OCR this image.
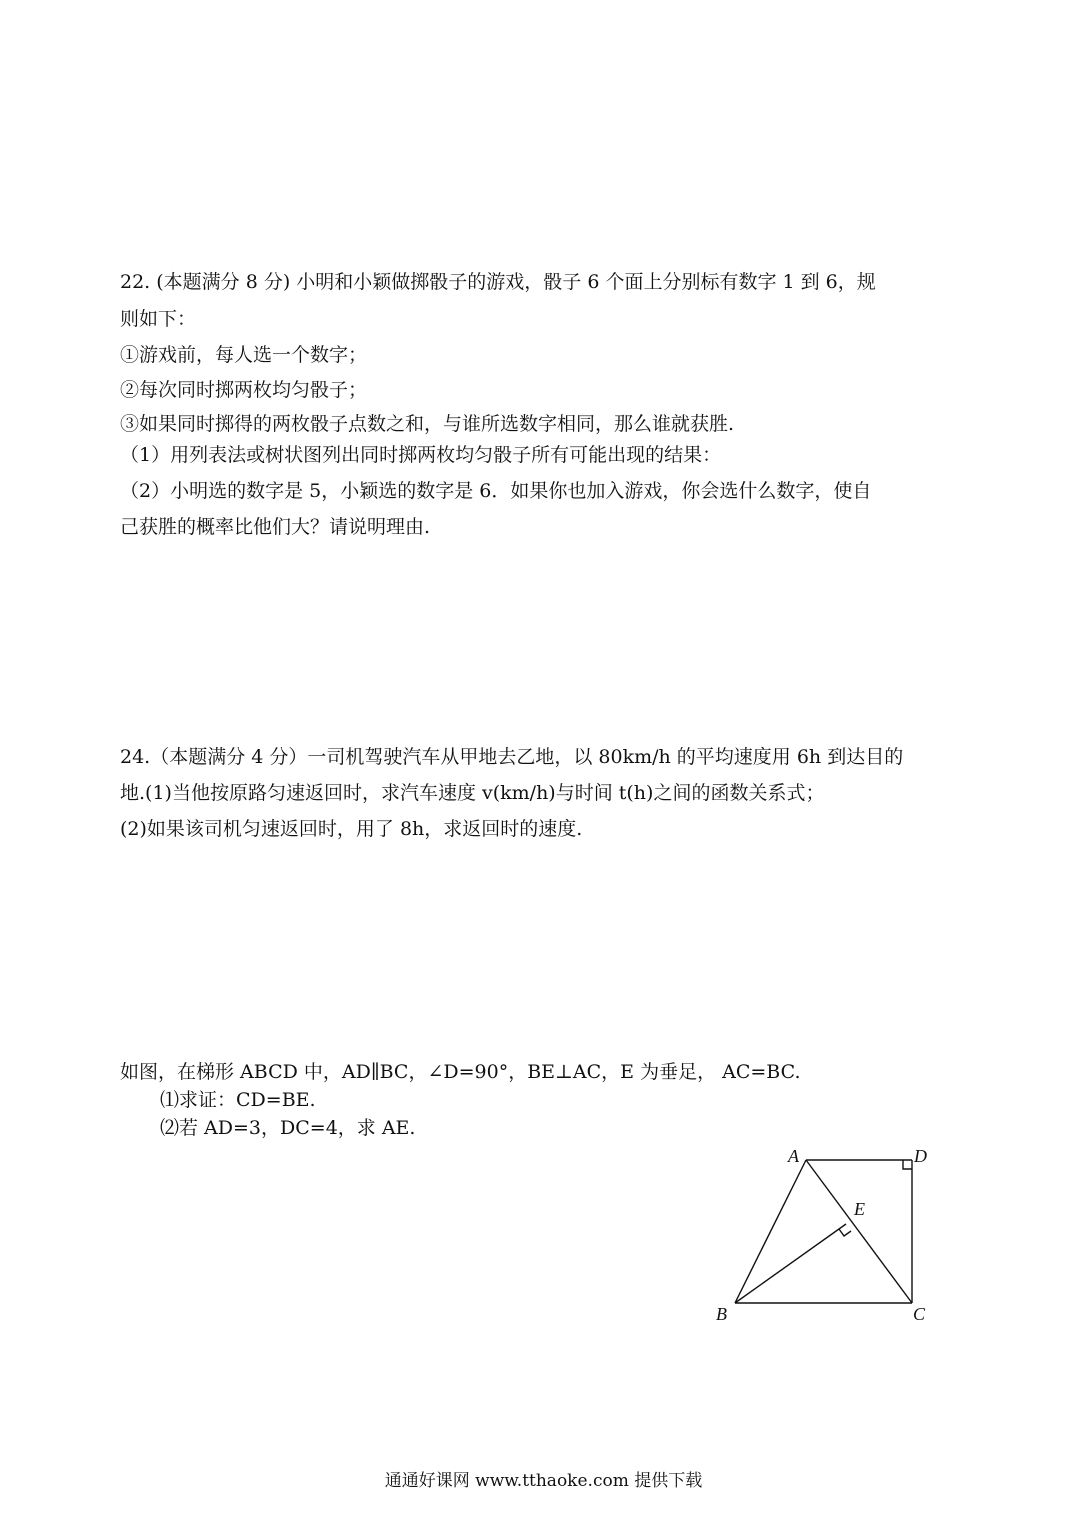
22. (本题满分 8 分) 小明和小颖做掷骰子的游戏，骰子 6 个面上分别标有数字 1 到 6，规
则如下：
①游戏前，每人选一个数字；
②每次同时掷两枚均匀骰子；
③如果同时掷得的两枚骰子点数之和，与谁所选数字相同，那么谁就获胜.
（1）用列表法或树状图列出同时掷两枚均匀骰子所有可能出现的结果：
（2）小明选的数字是 5，小颖选的数字是 6．如果你也加入游戏，你会选什么数字，使自
己获胜的概率比他们大？请说明理由.
24.（本题满分 4 分）一司机驾驶汽车从甲地去乙地，以 80km/h 的平均速度用 6h 到达目的
地.(1)当他按原路匀速返回时，求汽车速度 v(km/h)与时间 t(h)之间的函数关系式；
(2)如果该司机匀速返回时，用了 8h，求返回时的速度.
如图，在梯形 ABCD 中，AD∥BC，∠D=90°，BE⊥AC，E 为垂足， AC=BC.
⑴求证：CD=BE.
⑵若 AD=3，DC=4，求 AE.
A	D
E
B	C
通通好课网 www.tthaoke.com 提供下载
